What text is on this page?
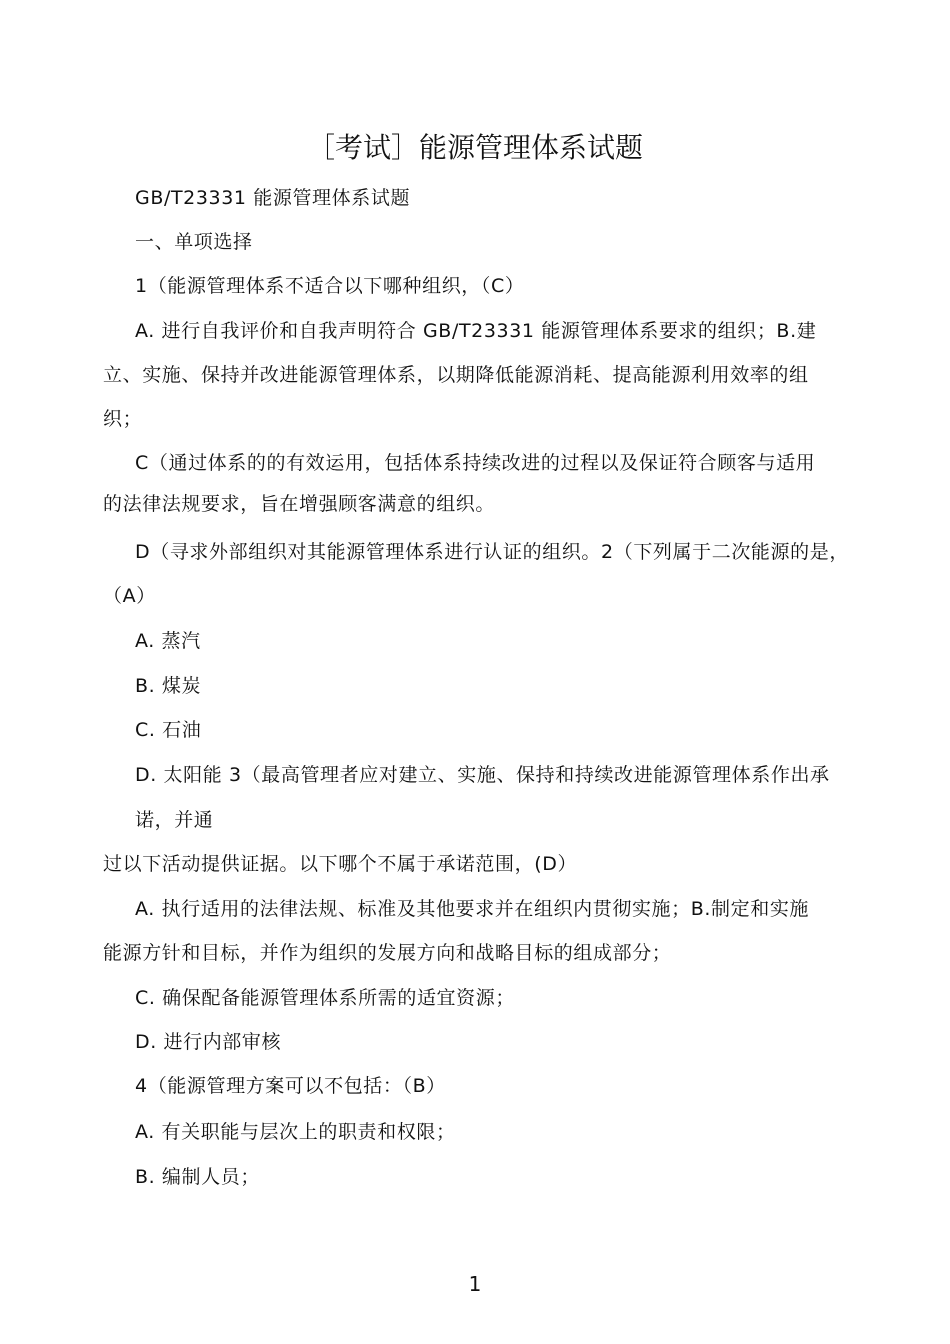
［考试］能源管理体系试题
GB/T23331 能源管理体系试题
一、单项选择
1（能源管理体系不适合以下哪种组织，（C）
A. 进行自我评价和自我声明符合 GB/T23331 能源管理体系要求的组织；B.建
立、实施、保持并改进能源管理体系，以期降低能源消耗、提高能源利用效率的组
织；
C（通过体系的的有效运用，包括体系持续改进的过程以及保证符合顾客与适用
的法律法规要求，旨在增强顾客满意的组织。
D（寻求外部组织对其能源管理体系进行认证的组织。2（下列属于二次能源的是，
（A）
A. 蒸汽
B. 煤炭
C. 石油
D. 太阳能 3（最高管理者应对建立、实施、保持和持续改进能源管理体系作出承
诺，并通
过以下活动提供证据。以下哪个不属于承诺范围，(D）
A. 执行适用的法律法规、标准及其他要求并在组织内贯彻实施；B.制定和实施
能源方针和目标，并作为组织的发展方向和战略目标的组成部分；
C. 确保配备能源管理体系所需的适宜资源；
D. 进行内部审核
4（能源管理方案可以不包括：（B）
A. 有关职能与层次上的职责和权限；
B. 编制人员；
1
